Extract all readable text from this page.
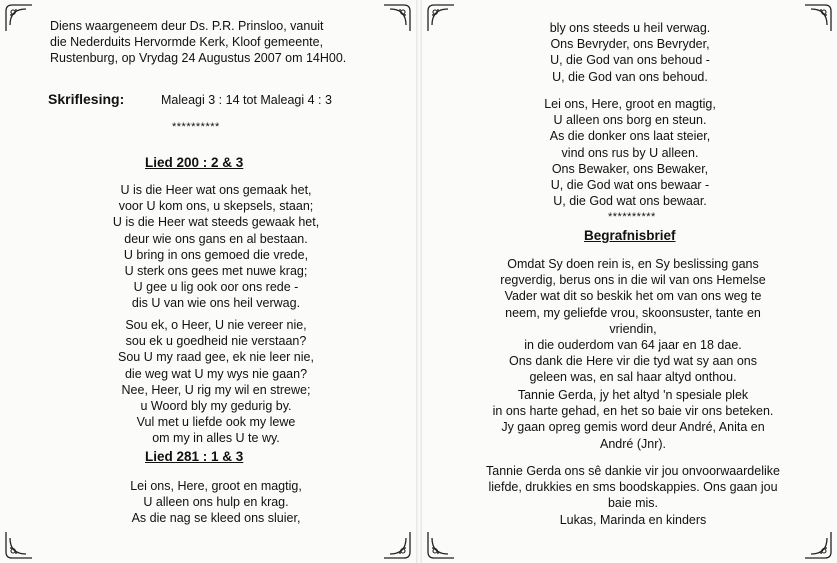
Diens waargeneem deur Ds. P.R. Prinsloo, vanuit
die Nederduits Hervormde Kerk, Kloof gemeente,
Rustenburg, op Vrydag 24 Augustus 2007 om 14H00.
Skriflesing:	Maleagi 3 : 14 tot Maleagi 4 : 3
**********
Lied 200 : 2 & 3
U is die Heer wat ons gemaak het,
voor U kom ons, u skepsels, staan;
U is die Heer wat steeds gewaak het,
deur wie ons gans en al bestaan.
U bring in ons gemoed die vrede,
U sterk ons gees met nuwe krag;
U gee u lig ook oor ons rede -
dis U van wie ons heil verwag.
Sou ek, o Heer, U nie vereer nie,
sou ek u goedheid nie verstaan?
Sou U my raad gee, ek nie leer nie,
die weg wat U my wys nie gaan?
Nee, Heer, U rig my wil en strewe;
u Woord bly my gedurig by.
Vul met u liefde ook my lewe
om my in alles U te wy.
Lied 281 : 1 & 3
Lei ons, Here, groot en magtig,
U alleen ons hulp en krag.
As die nag se kleed ons sluier,
bly ons steeds u heil verwag.
Ons Bevryder, ons Bevryder,
U, die God van ons behoud -
U, die God van ons behoud.
Lei ons, Here, groot en magtig,
U alleen ons borg en steun.
As die donker ons laat steier,
vind ons rus by U alleen.
Ons Bewaker, ons Bewaker,
U, die God wat ons bewaar -
U, die God wat ons bewaar.
**********
Begrafnisbrief
Omdat Sy doen rein is, en Sy beslissing gans
regverdig, berus ons in die wil van ons Hemelse
Vader wat dit so beskik het om van ons weg te
neem, my geliefde vrou, skoonsuster, tante en
vriendin,
in die ouderdom van 64 jaar en 18 dae.
Ons dank die Here vir die tyd wat sy aan ons
geleen was, en sal haar altyd onthou.
Tannie Gerda, jy het altyd 'n spesiale plek
in ons harte gehad, en het so baie vir ons beteken.
Jy gaan opreg gemis word deur André, Anita en
André (Jnr).
Tannie Gerda ons sê dankie vir jou onvoorwaardelike
liefde, drukkies en sms boodskappies. Ons gaan jou
baie mis.
Lukas, Marinda en kinders
